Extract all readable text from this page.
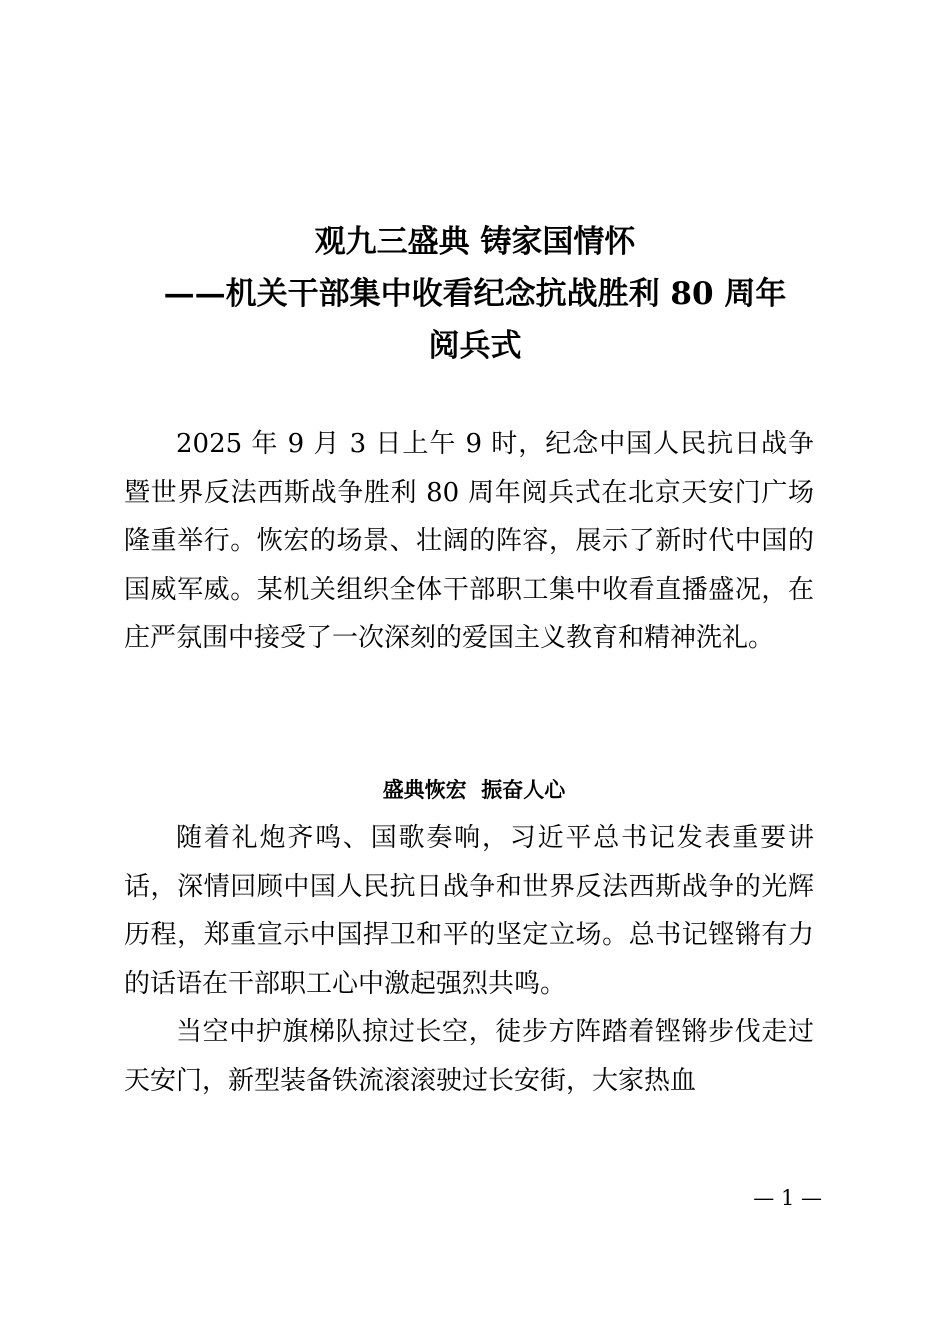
观九三盛典 铸家国情怀
——机关干部集中收看纪念抗战胜利 80 周年
阅兵式

2025 年 9 月 3 日上午 9 时，纪念中国人民抗日战争暨世界反法西斯战争胜利 80 周年阅兵式在北京天安门广场隆重举行。恢宏的场景、壮阔的阵容，展示了新时代中国的国威军威。某机关组织全体干部职工集中收看直播盛况，在庄严氛围中接受了一次深刻的爱国主义教育和精神洗礼。

盛典恢宏  振奋人心

随着礼炮齐鸣、国歌奏响，习近平总书记发表重要讲话，深情回顾中国人民抗日战争和世界反法西斯战争的光辉历程，郑重宣示中国捍卫和平的坚定立场。总书记铿锵有力的话语在干部职工心中激起强烈共鸣。

当空中护旗梯队掠过长空，徒步方阵踏着铿锵步伐走过天安门，新型装备铁流滚滚驶过长安街，大家热血

— 1 —
